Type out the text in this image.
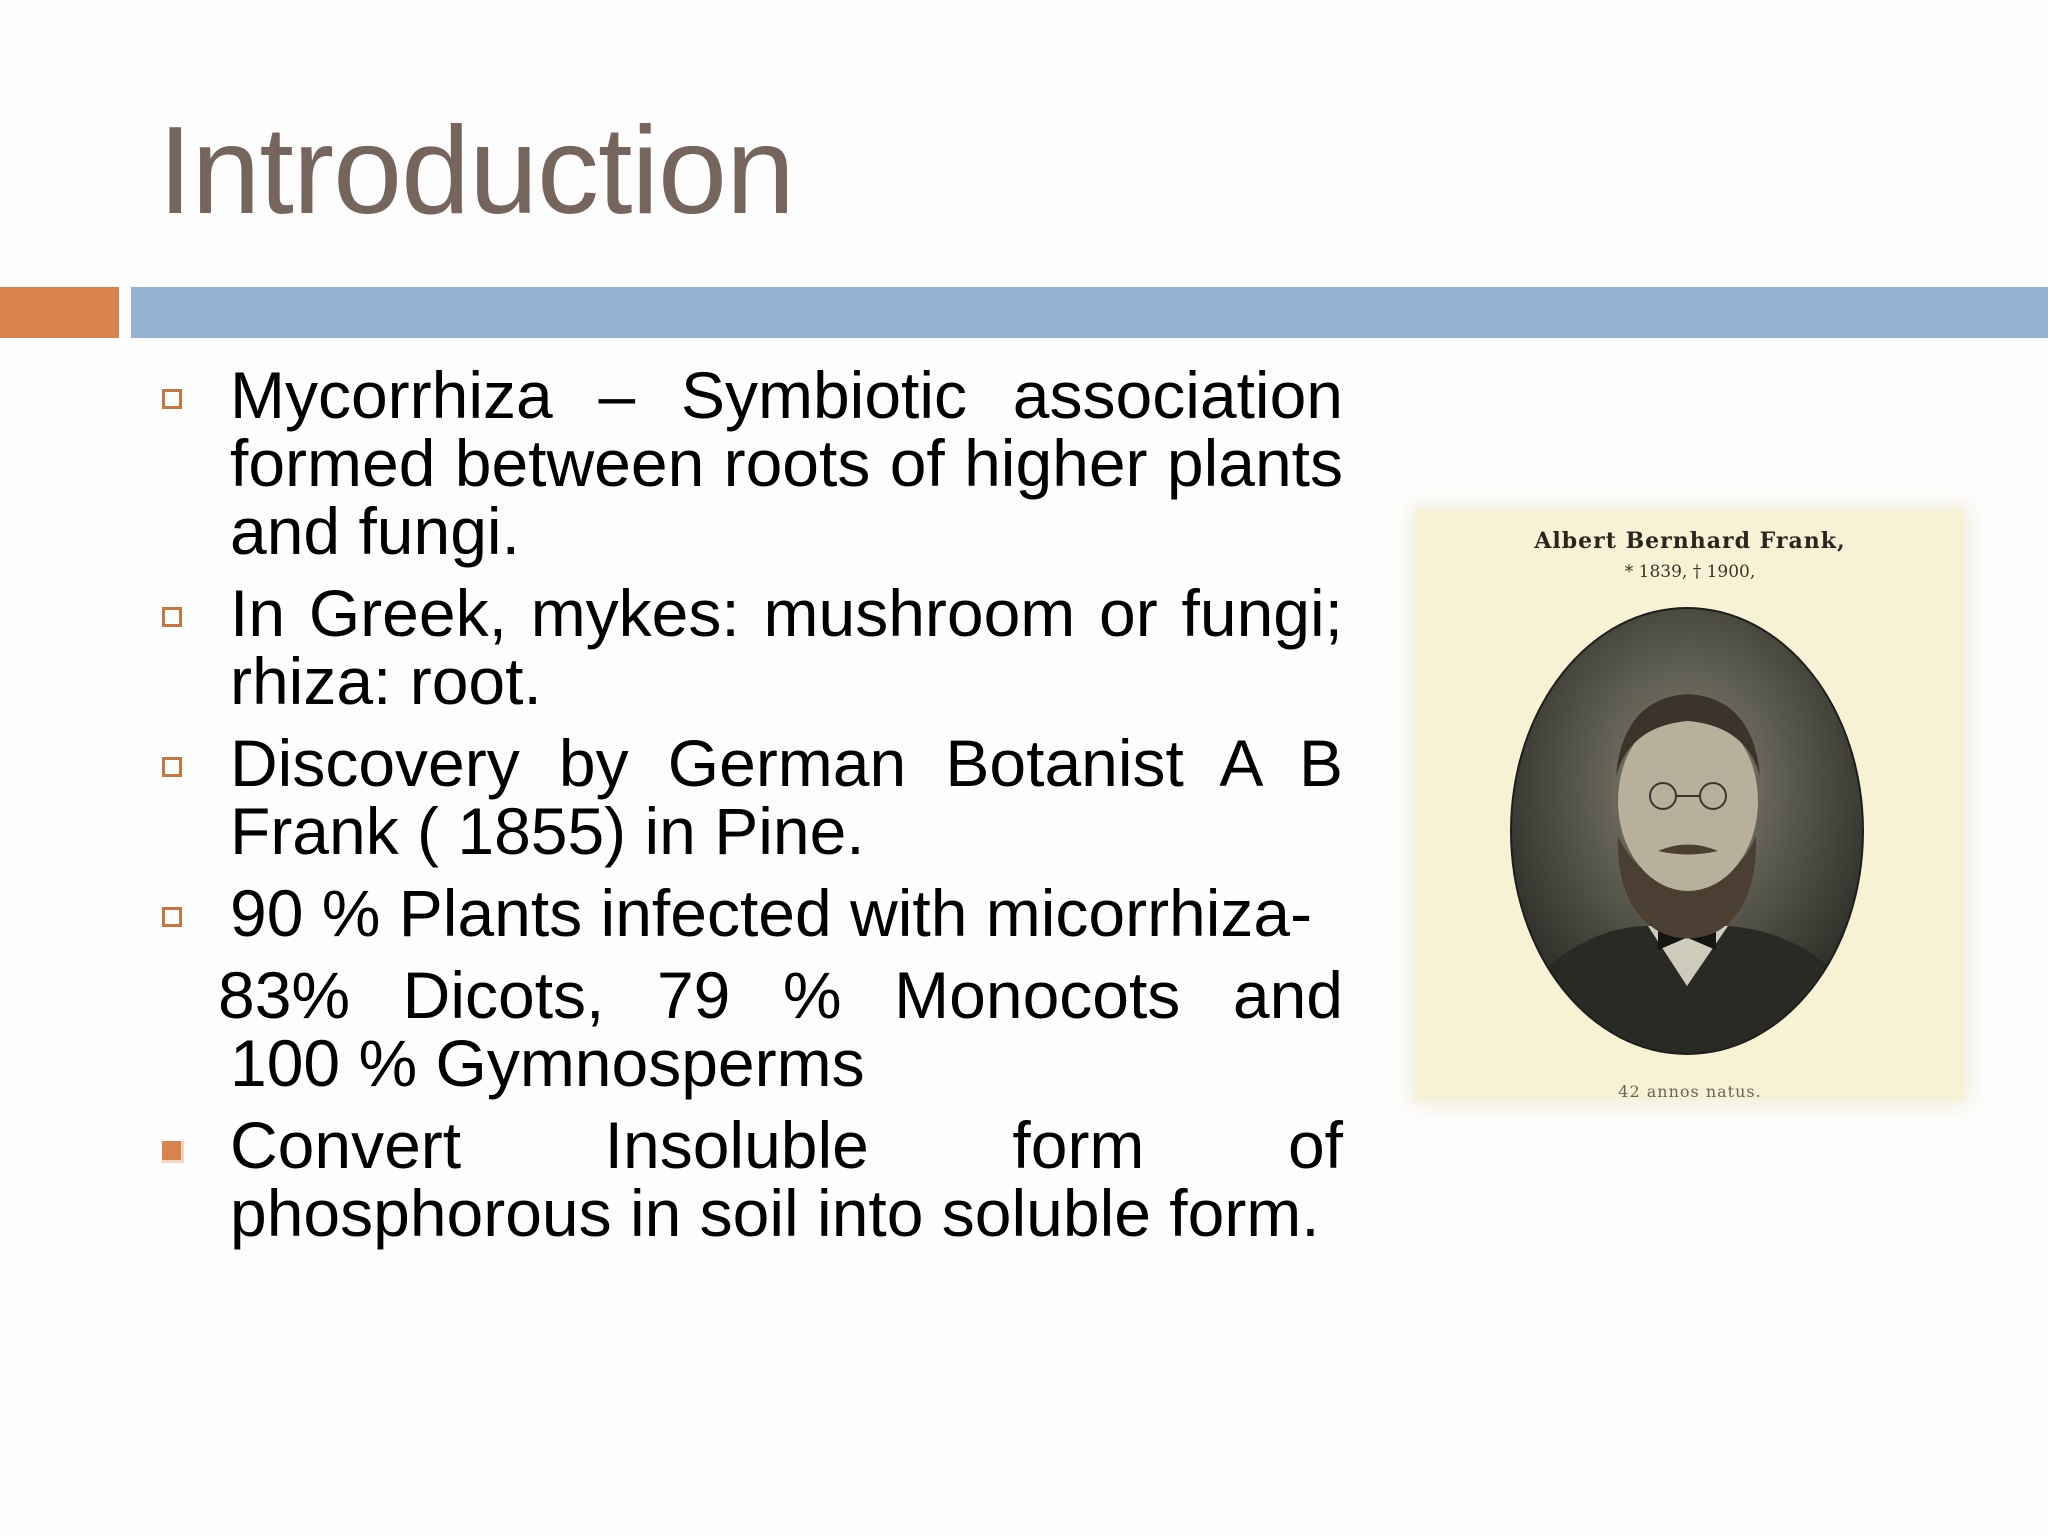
Introduction
Mycorrhiza – Symbiotic association formed between roots of higher plants and fungi.
In Greek, mykes: mushroom or fungi; rhiza: root.
Discovery by German Botanist A B Frank ( 1855) in Pine.
90 % Plants infected with micorrhiza-
83% Dicots, 79 % Monocots and
100 % Gymnosperms
Convert Insoluble form of phosphorous in soil into soluble form.
Albert Bernhard Frank,
* 1839, † 1900,
42 annos natus.
